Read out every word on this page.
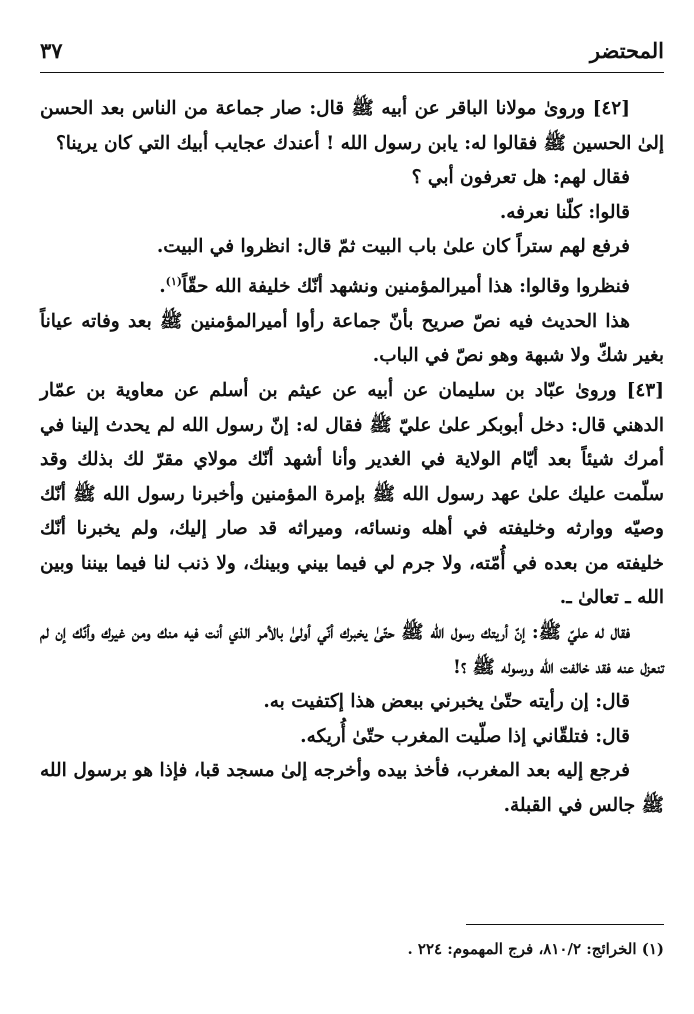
المحتضر
٣٧

[٤٢] ورویٰ مولانا الباقر عن أبيه ﷺ قال: صار جماعة من الناس بعد الحسن إلىٰ الحسين ﷺ فقالوا له: يابن رسول الله ! أعندك عجايب أبيك التي كان يرينا؟

فقال لهم: هل تعرفون أبي ؟

قالوا: كلّنا نعرفه.

فرفع لهم ستراً كان علىٰ باب البيت ثمّ قال: انظروا في البيت.

فنظروا وقالوا: هذا أميرالمؤمنين ونشهد أنّك خليفة الله حقّاً$^{(١)}$.

هذا الحديث فيه نصّ صريح بأنّ جماعة رأوا أميرالمؤمنين ﷺ بعد وفاته عياناً بغير شكّ ولا شبهة وهو نصّ في الباب.

[٤٣] وروىٰ عبّاد بن سليمان عن أبيه عن عيثم بن أسلم عن معاوية بن عمّار الدهني قال: دخل أبوبكر علىٰ عليّ ﷺ فقال له: إنّ رسول الله لم يحدث إلينا في أمرك شيئاً بعد أيّام الولاية في الغدير وأنا أشهد أنّك مولاي مقرّ لك بذلك وقد سلّمت عليك علىٰ عهد رسول الله ﷺ بإمرة المؤمنين وأخبرنا رسول الله ﷺ أنّك وصيّه ووارثه وخليفته في أهله ونسائه، وميراثه قد صار إليك، ولم يخبرنا أنّك خليفته من بعده في أُمّته، ولا جرم لي فيما بيني وبينك، ولا ذنب لنا فيما بيننا وبين الله ـ تعالىٰ ـ.

فقال له عليّ ﷺ: إنّ أريتك رسول الله ﷺ حتّىٰ يخبرك أنّي أولىٰ بالأمر الذي أنت فيه منك ومن غيرك وأنّك إن لم تنعزل عنه فقد خالفت الله ورسوله ﷺ ؟!

قال: إن رأيته حتّىٰ يخبرني ببعض هذا إكتفيت به.

قال: فتلقّاني إذا صلّيت المغرب حتّىٰ أُريكه.

فرجع إليه بعد المغرب، فأخذ بيده وأخرجه إلىٰ مسجد قبا، فإذا هو برسول الله ﷺ جالس في القبلة.

(١) الخرائج: ٨١٠/٢، فرج المهموم: ٢٢٤ .
